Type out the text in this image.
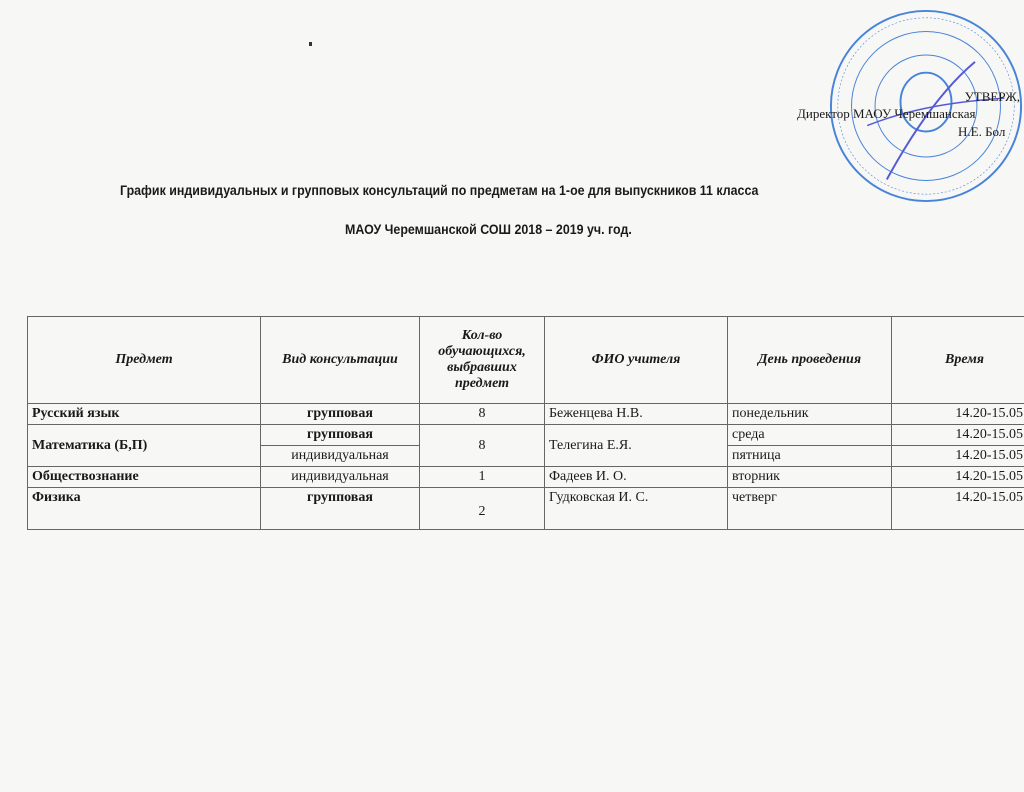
УТВЕРЖ,
Директор МАОУ Черемшанская
Н.Е. Бол
График индивидуальных и групповых консультаций по предметам на 1-ое для выпускников 11 класса
МАОУ Черемшанской СОШ 2018 – 2019 уч. год.
Предмет	Вид консультации	Кол-во обучающихся, выбравших предмет	ФИО учителя	День проведения	Время
Русский язык	групповая	8	Беженцева Н.В.	понедельник	14.20-15.05
Математика (Б,П)	групповая	8	Телегина Е.Я.	среда	14.20-15.05
	индивидуальная			пятница	14.20-15.05
Обществознание	индивидуальная	1	Фадеев И. О.	вторник	14.20-15.05
Физика	групповая	2	Гудковская И. С.	четверг	14.20-15.05
